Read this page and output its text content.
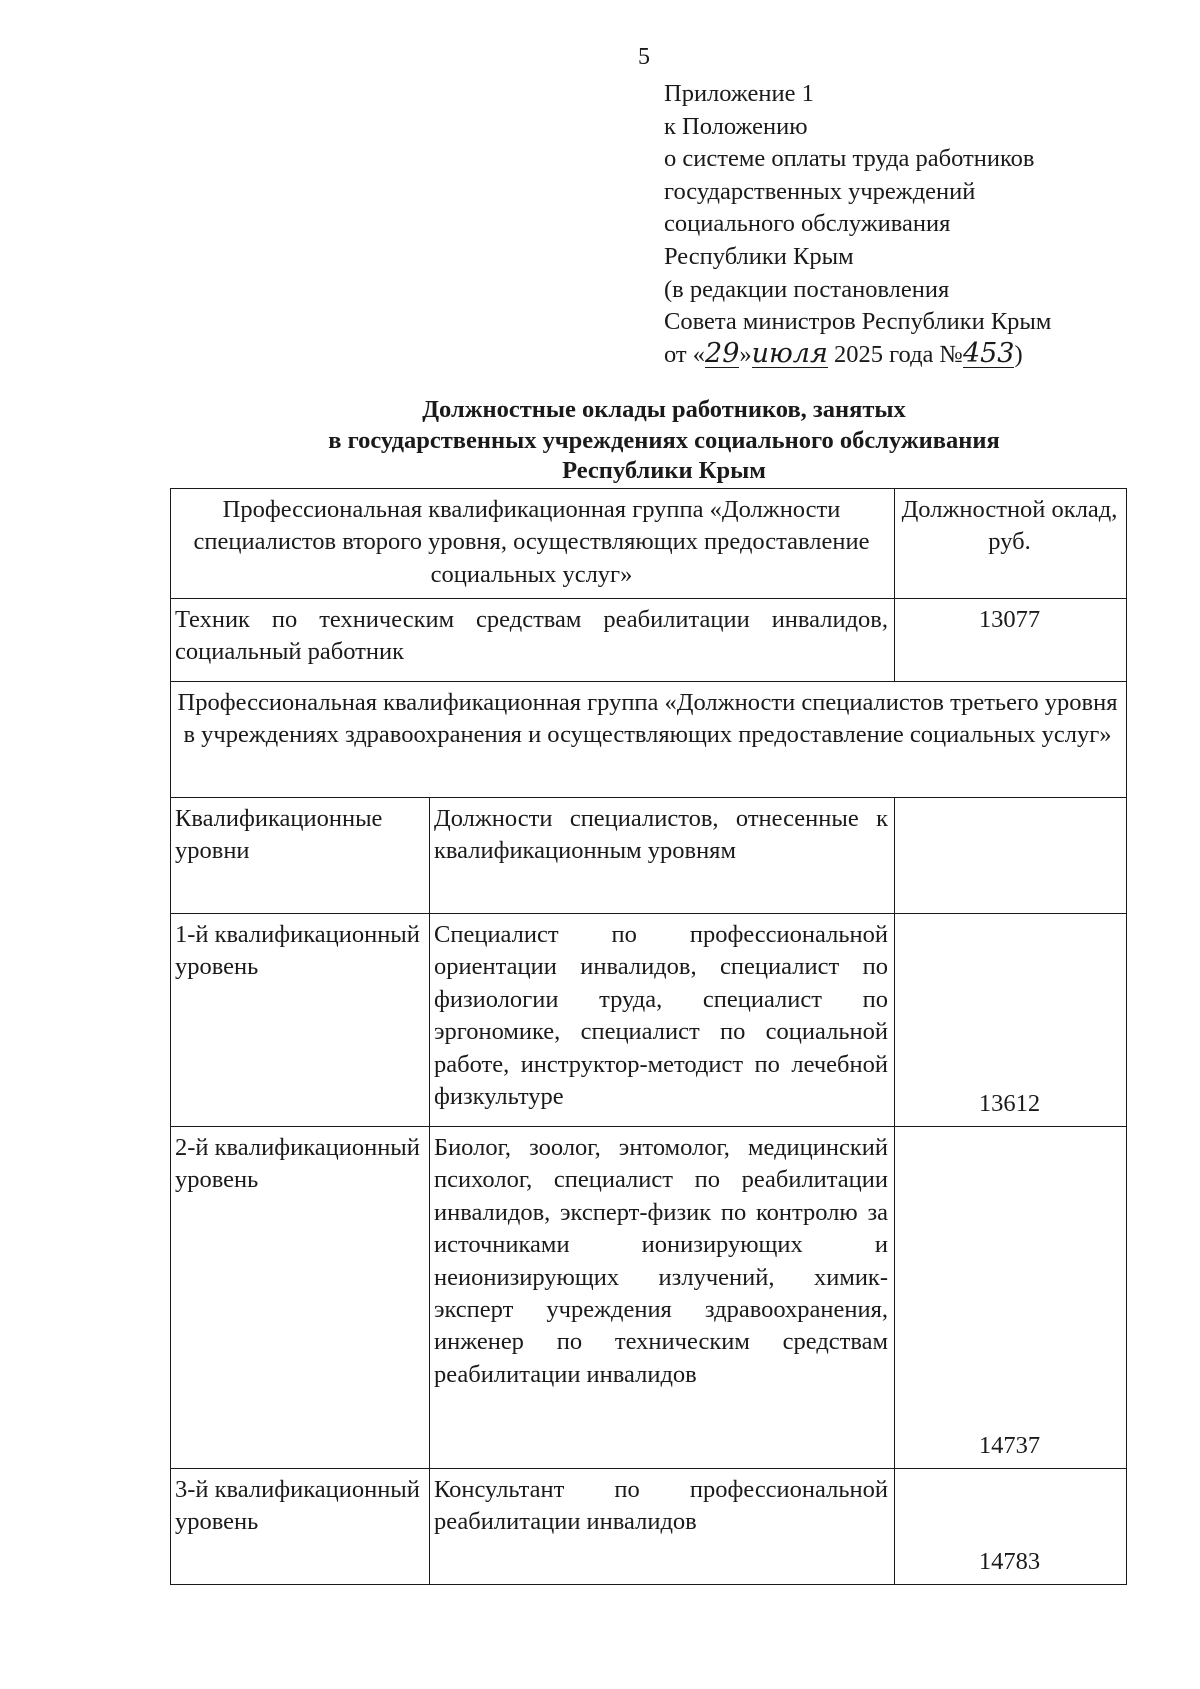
5
Приложение 1
к Положению
о системе оплаты труда работников
государственных учреждений
социального обслуживания
Республики Крым
(в редакции постановления
Совета министров Республики Крым
от «29»июля 2025 года №453)
Должностные оклады работников, занятых
в государственных учреждениях социального обслуживания
Республики Крым
Профессиональная квалификационная группа «Должности специалистов второго уровня, осуществляющих предоставление социальных услуг»		Должностной оклад, руб.
Техник по техническим средствам реабилитации инвалидов, социальный работник		13077
Профессиональная квалификационная группа «Должности специалистов третьего уровня в учреждениях здравоохранения и осуществляющих предоставление социальных услуг»		
Квалификационные уровни	Должности специалистов, отнесенные к квалификационным уровням	
1-й квалификационный уровень	Специалист по профессиональной ориентации инвалидов, специалист по физиологии труда, специалист по эргономике, специалист по социальной работе, инструктор-методист по лечебной физкультуре	13612
2-й квалификационный уровень	Биолог, зоолог, энтомолог, медицинский психолог, специалист по реабилитации инвалидов, эксперт-физик по контролю за источниками ионизирующих и неионизирующих излучений, химик-эксперт учреждения здравоохранения, инженер по техническим средствам реабилитации инвалидов	14737
3-й квалификационный уровень	Консультант по профессиональной реабилитации инвалидов	14783
